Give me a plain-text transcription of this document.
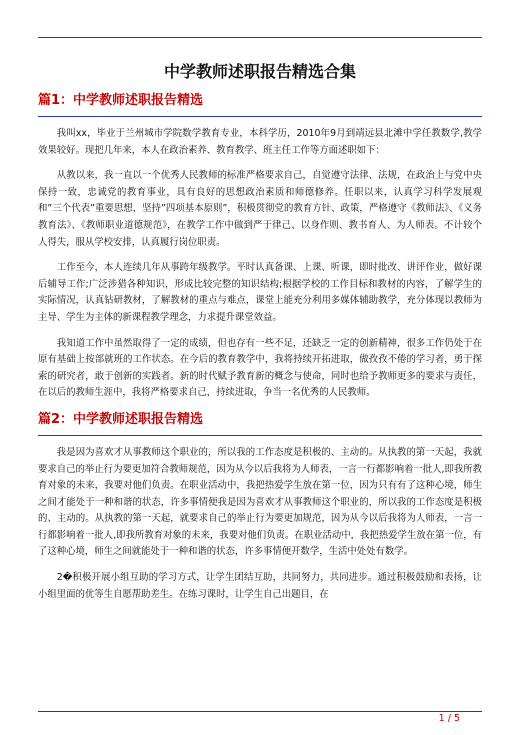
中学教师述职报告精选合集
篇1：中学教师述职报告精选

我叫xx，毕业于兰州城市学院数学教育专业，本科学历，2010年9月到靖远县北滩中学任教数学,教学效果较好。现把几年来，本人在政治素养、教育教学、班主任工作等方面述职如下：

从教以来，我一直以一个优秀人民教师的标准严格要求自己，自觉遵守法律、法规，在政治上与党中央保持一致，忠诚党的教育事业，具有良好的思想政治素质和师德修养。任职以来，认真学习科学发展观和”三个代表”重要思想，坚持”四项基本原则”，积极贯彻党的教育方针、政策，严格遵守《教师法》、《义务教育法》、《教师职业道德规范》，在教学工作中做到严于律己、以身作则、教书育人、为人师表。不计较个人得失，服从学校安排，认真履行岗位职责。

工作至今，本人连续几年从事跨年级教学。平时认真备课、上课、听课，即时批改、讲评作业，做好课后辅导工作;广泛涉猎各种知识，形成比较完整的知识结构;根据学校的工作目标和教材的内容，了解学生的实际情况，认真钻研教材，了解教材的重点与难点，课堂上能充分利用多媒体辅助教学，充分体现以教师为主导、学生为主体的新课程教学理念，力求提升课堂效益。

我知道工作中虽然取得了一定的成绩，但也存有一些不足，还缺乏一定的创新精神，很多工作仍处于在原有基础上按部就班的工作状态。在今后的教育教学中，我将持续开拓进取，做孜孜不倦的学习者，勇于探索的研究者，敢于创新的实践者。新的时代赋予教育新的概念与使命，同时也给予教师更多的要求与责任，在以后的教师生涯中，我将严格要求自己，持续进取，争当一名优秀的人民教师。

篇2：中学教师述职报告精选

我是因为喜欢才从事教师这个职业的，所以我的工作态度是积极的、主动的。从执教的第一天起，我就要求自己的举止行为要更加符合教师规范，因为从今以后我将为人师表，一言一行都影响着一批人,即我所教育对象的未来，我要对他们负责。在职业活动中，我把热爱学生放在第一位，因为只有有了这种心境，师生之间才能处于一种和谐的状态，许多事情便我是因为喜欢才从事教师这个职业的，所以我的工作态度是积极的、主动的。从执教的第一天起，就要求自己的举止行为要更加规范，因为从今以后我将为人师表，一言一行都影响着一批人,即我所教育对象的未来，我要对他们负责。在职业活动中，我把热爱学生放在第一位，有了这种心境，师生之间就能处于一种和谐的状态，许多事情便开数学，生活中处处有数学。

2�积极开展小组互助的学习方式，让学生团结互助，共同努力，共同进步。通过积极鼓励和表扬，让小组里面的优等生自愿帮助差生。在练习课时，让学生自己出题目，在

1 / 5
